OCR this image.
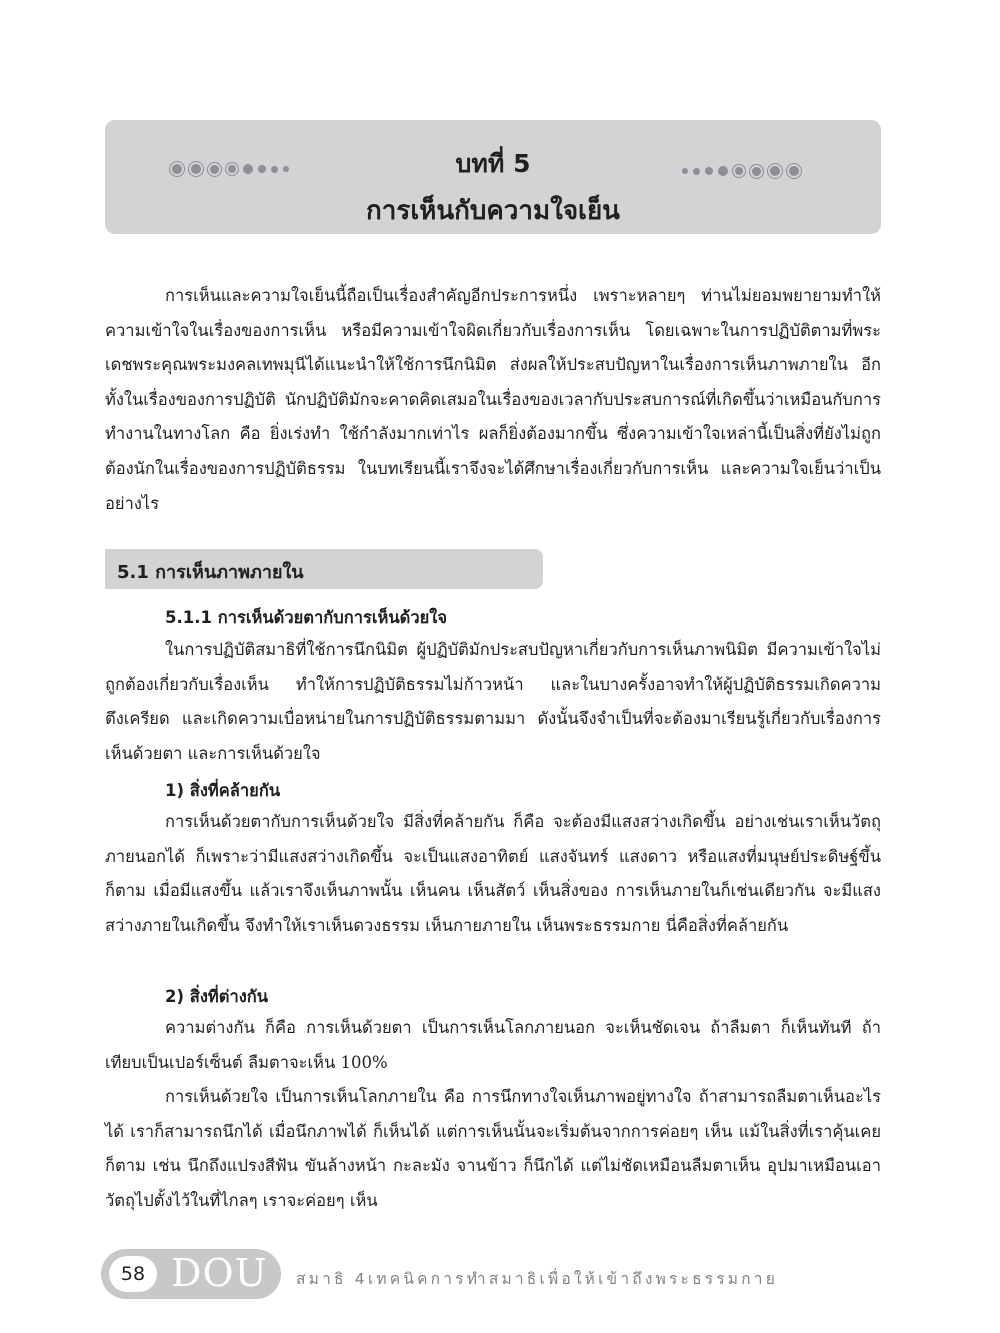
บทที่ 5
การเห็นกับความใจเย็น

การเห็นและความใจเย็นนี้ถือเป็นเรื่องสำคัญอีกประการหนึ่ง เพราะหลายๆ ท่านไม่ยอมพยายามทำให้ความเข้าใจในเรื่องของการเห็น หรือมีความเข้าใจผิดเกี่ยวกับเรื่องการเห็น โดยเฉพาะในการปฏิบัติตามที่พระเดชพระคุณพระมงคลเทพมุนีได้แนะนำให้ใช้การนึกนิมิต ส่งผลให้ประสบปัญหาในเรื่องการเห็นภาพภายใน อีกทั้งในเรื่องของการปฏิบัติ นักปฏิบัติมักจะคาดคิดเสมอในเรื่องของเวลากับประสบการณ์ที่เกิดขึ้นว่าเหมือนกับการทำงานในทางโลก คือ ยิ่งเร่งทำ ใช้กำลังมากเท่าไร ผลก็ยิ่งต้องมากขึ้น ซึ่งความเข้าใจเหล่านี้เป็นสิ่งที่ยังไม่ถูกต้องนักในเรื่องของการปฏิบัติธรรม ในบทเรียนนี้เราจึงจะได้ศึกษาเรื่องเกี่ยวกับการเห็น และความใจเย็นว่าเป็นอย่างไร

5.1 การเห็นภาพภายใน
5.1.1 การเห็นด้วยตากับการเห็นด้วยใจ

ในการปฏิบัติสมาธิที่ใช้การนึกนิมิต ผู้ปฏิบัติมักประสบปัญหาเกี่ยวกับการเห็นภาพนิมิต มีความเข้าใจไม่ถูกต้องเกี่ยวกับเรื่องเห็น ทำให้การปฏิบัติธรรมไม่ก้าวหน้า และในบางครั้งอาจทำให้ผู้ปฏิบัติธรรมเกิดความตึงเครียด และเกิดความเบื่อหน่ายในการปฏิบัติธรรมตามมา ดังนั้นจึงจำเป็นที่จะต้องมาเรียนรู้เกี่ยวกับเรื่องการเห็นด้วยตา และการเห็นด้วยใจ

1) สิ่งที่คล้ายกัน

การเห็นด้วยตากับการเห็นด้วยใจ มีสิ่งที่คล้ายกัน ก็คือ จะต้องมีแสงสว่างเกิดขึ้น อย่างเช่นเราเห็นวัตถุภายนอกได้ ก็เพราะว่ามีแสงสว่างเกิดขึ้น จะเป็นแสงอาทิตย์ แสงจันทร์ แสงดาว หรือแสงที่มนุษย์ประดิษฐ์ขึ้นก็ตาม เมื่อมีแสงขึ้น แล้วเราจึงเห็นภาพนั้น เห็นคน เห็นสัตว์ เห็นสิ่งของ การเห็นภายในก็เช่นเดียวกัน จะมีแสงสว่างภายในเกิดขึ้น จึงทำให้เราเห็นดวงธรรม เห็นกายภายใน เห็นพระธรรมกาย นี่คือสิ่งที่คล้ายกัน

2) สิ่งที่ต่างกัน

ความต่างกัน ก็คือ การเห็นด้วยตา เป็นการเห็นโลกภายนอก จะเห็นชัดเจน ถ้าลืมตา ก็เห็นทันที ถ้าเทียบเป็นเปอร์เซ็นต์ ลืมตาจะเห็น 100%

การเห็นด้วยใจ เป็นการเห็นโลกภายใน คือ การนึกทางใจเห็นภาพอยู่ทางใจ ถ้าสามารถลืมตาเห็นอะไรได้ เราก็สามารถนึกได้ เมื่อนึกภาพได้ ก็เห็นได้ แต่การเห็นนั้นจะเริ่มต้นจากการค่อยๆ เห็น แม้ในสิ่งที่เราคุ้นเคยก็ตาม เช่น นึกถึงแปรงสีฟัน ขันล้างหน้า กะละมัง จานข้าว ก็นึกได้ แต่ไม่ชัดเหมือนลืมตาเห็น อุปมาเหมือนเอาวัตถุไปตั้งไว้ในที่ไกลๆ เราจะค่อยๆ เห็น

58 DOU สมาธิ 4เทคนิคการทำสมาธิเพื่อให้เข้าถึงพระธรรมกาย
